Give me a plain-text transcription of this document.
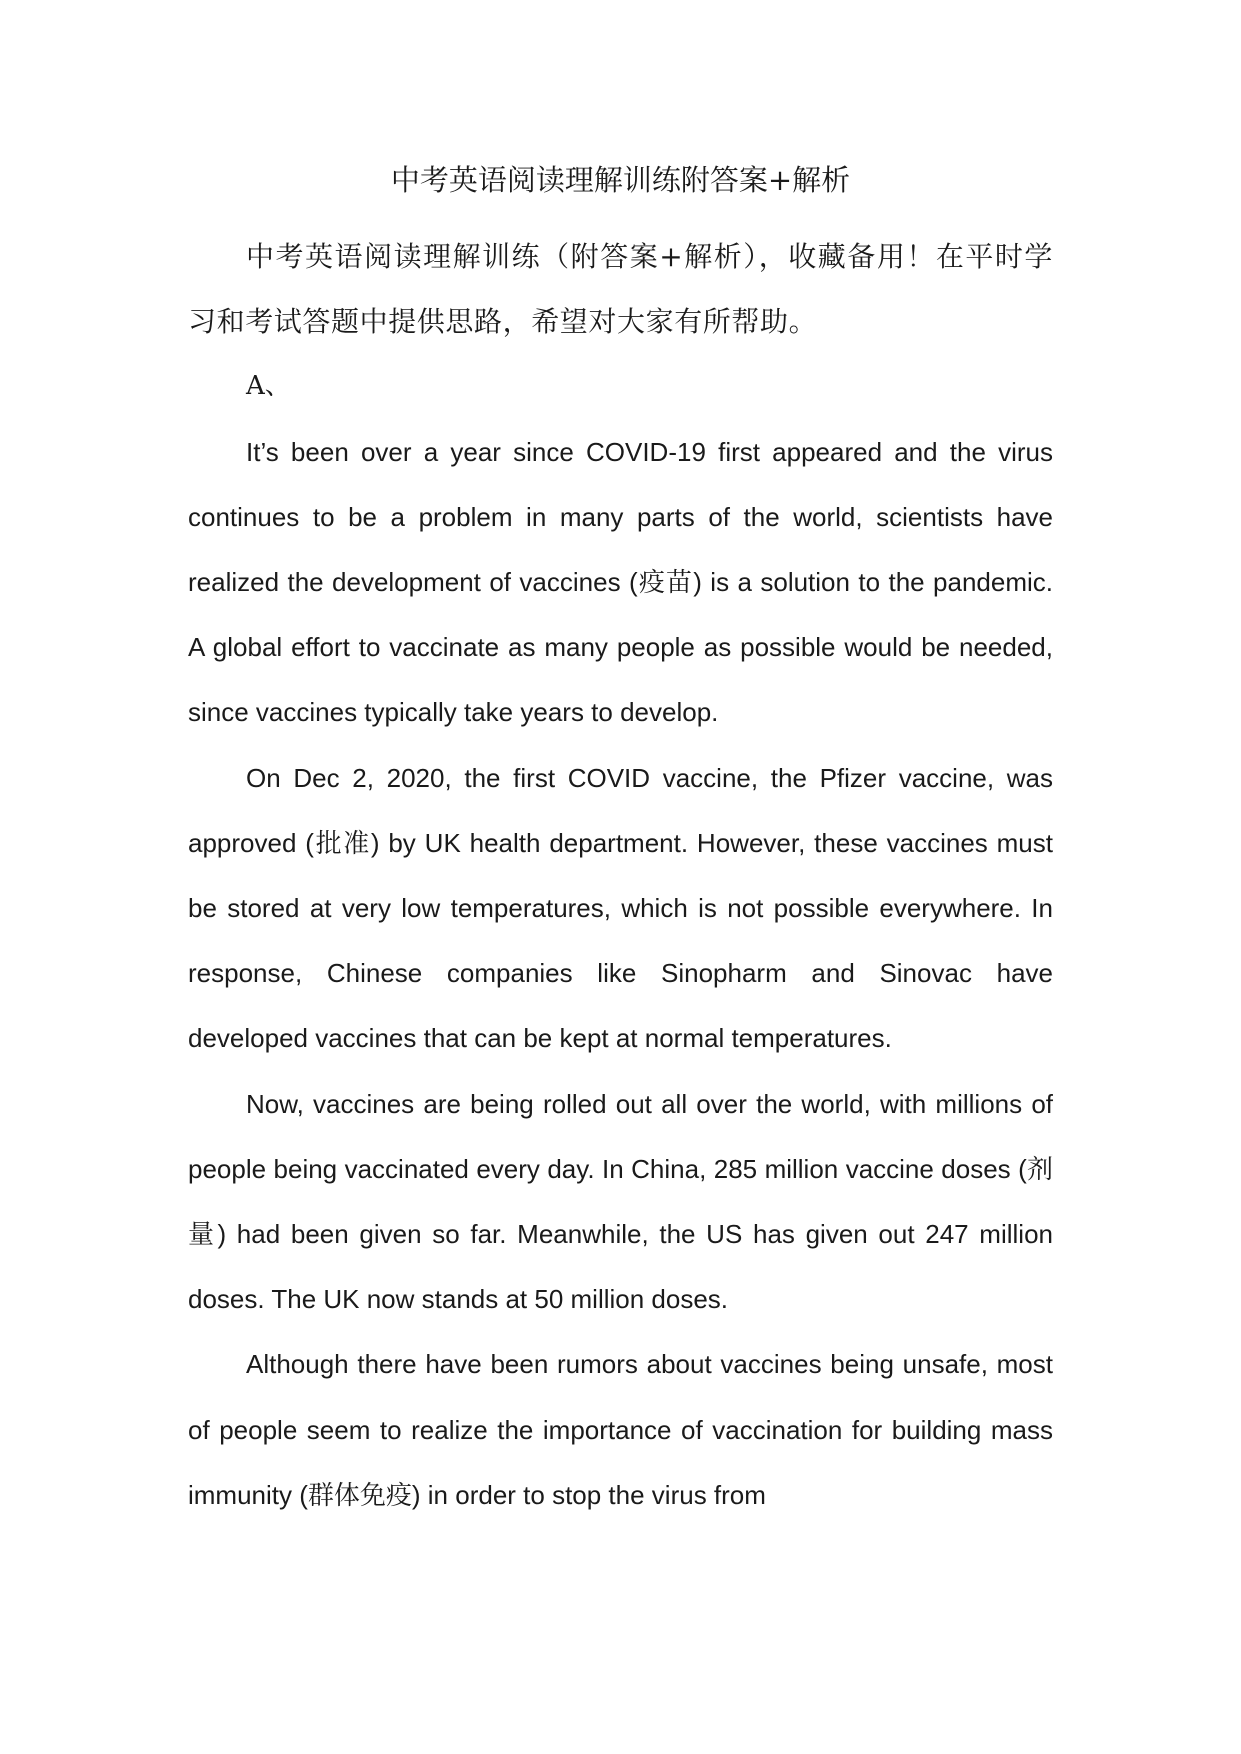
中考英语阅读理解训练附答案+解析

中考英语阅读理解训练（附答案+解析），收藏备用！在平时学习和考试答题中提供思路，希望对大家有所帮助。

A、

It’s been over a year since COVID-19 first appeared and the virus continues to be a problem in many parts of the world, scientists have realized the development of vaccines (疫苗) is a solution to the pandemic. A global effort to vaccinate as many people as possible would be needed, since vaccines typically take years to develop.

On Dec 2, 2020, the first COVID vaccine, the Pfizer vaccine, was approved (批准) by UK health department. However, these vaccines must be stored at very low temperatures, which is not possible everywhere. In response, Chinese companies like Sinopharm and Sinovac have developed vaccines that can be kept at normal temperatures.

Now, vaccines are being rolled out all over the world, with millions of people being vaccinated every day. In China, 285 million vaccine doses (剂量) had been given so far. Meanwhile, the US has given out 247 million doses. The UK now stands at 50 million doses.

Although there have been rumors about vaccines being unsafe, most of people seem to realize the importance of vaccination for building mass immunity (群体免疫) in order to stop the virus from
